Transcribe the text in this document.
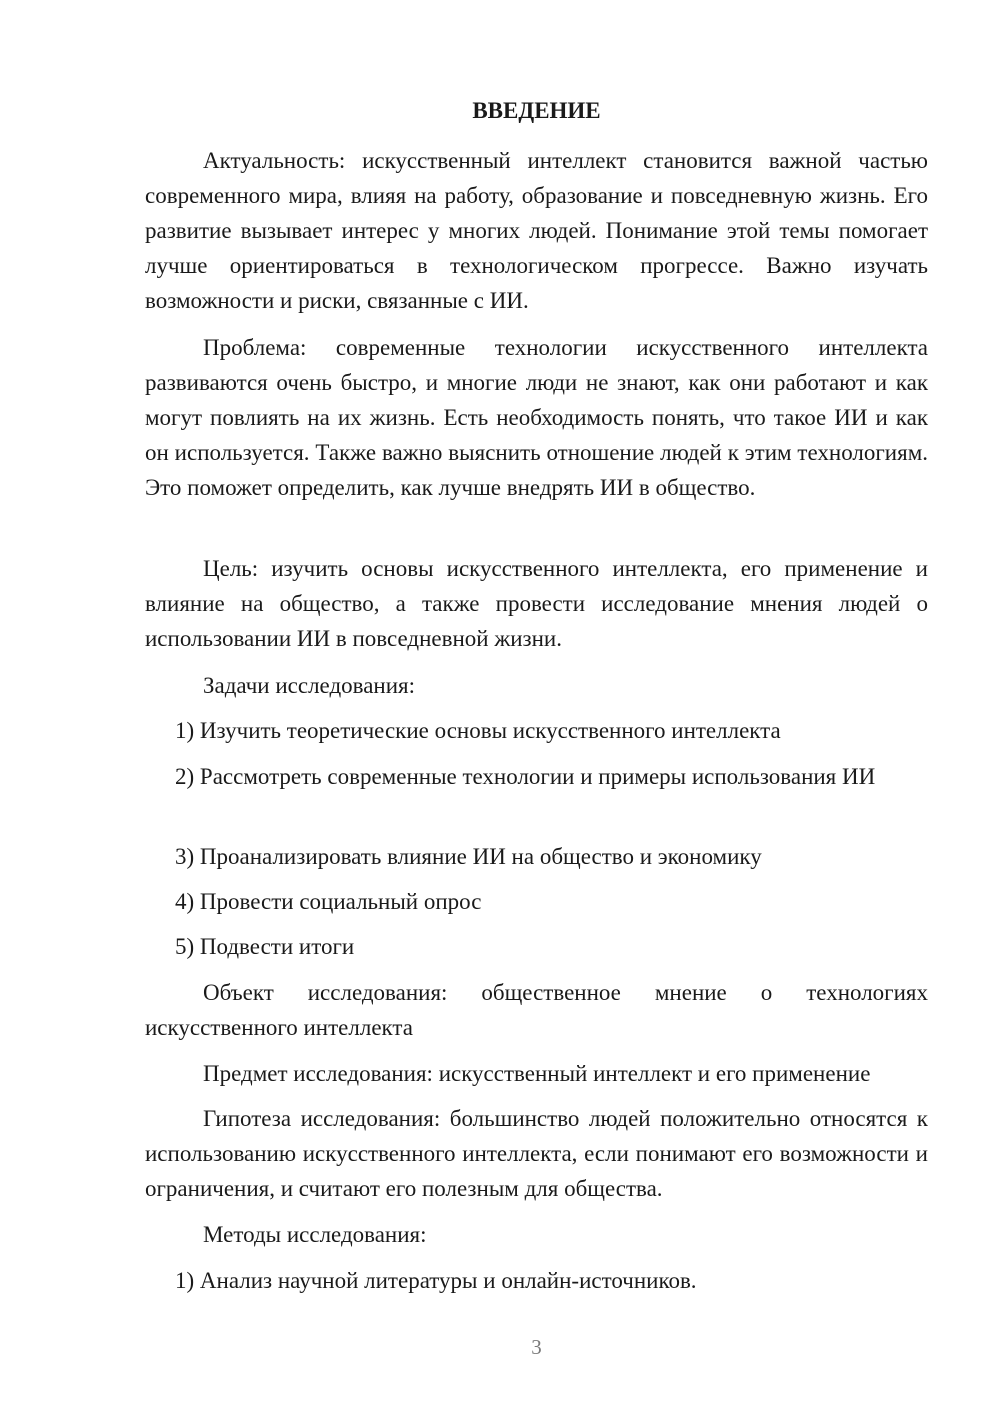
ВВЕДЕНИЕ

Актуальность: искусственный интеллект становится важной частью современного мира, влияя на работу, образование и повседневную жизнь. Его развитие вызывает интерес у многих людей. Понимание этой темы помогает лучше ориентироваться в технологическом прогрессе. Важно изучать возможности и риски, связанные с ИИ.

Проблема: современные технологии искусственного интеллекта развиваются очень быстро, и многие люди не знают, как они работают и как могут повлиять на их жизнь. Есть необходимость понять, что такое ИИ и как он используется. Также важно выяснить отношение людей к этим технологиям. Это поможет определить, как лучше внедрять ИИ в общество.

Цель: изучить основы искусственного интеллекта, его применение и влияние на общество, а также провести исследование мнения людей о использовании ИИ в повседневной жизни.

Задачи исследования:

1) Изучить теоретические основы искусственного интеллекта

2) Рассмотреть современные технологии и примеры использования ИИ

3) Проанализировать влияние ИИ на общество и экономику

4) Провести социальный опрос

5) Подвести итоги

Объект исследования: общественное мнение о технологиях искусственного интеллекта

Предмет исследования: искусственный интеллект и его применение

Гипотеза исследования: большинство людей положительно относятся к использованию искусственного интеллекта, если понимают его возможности и ограничения, и считают его полезным для общества.

Методы исследования:

1) Анализ научной литературы и онлайн-источников.

3
